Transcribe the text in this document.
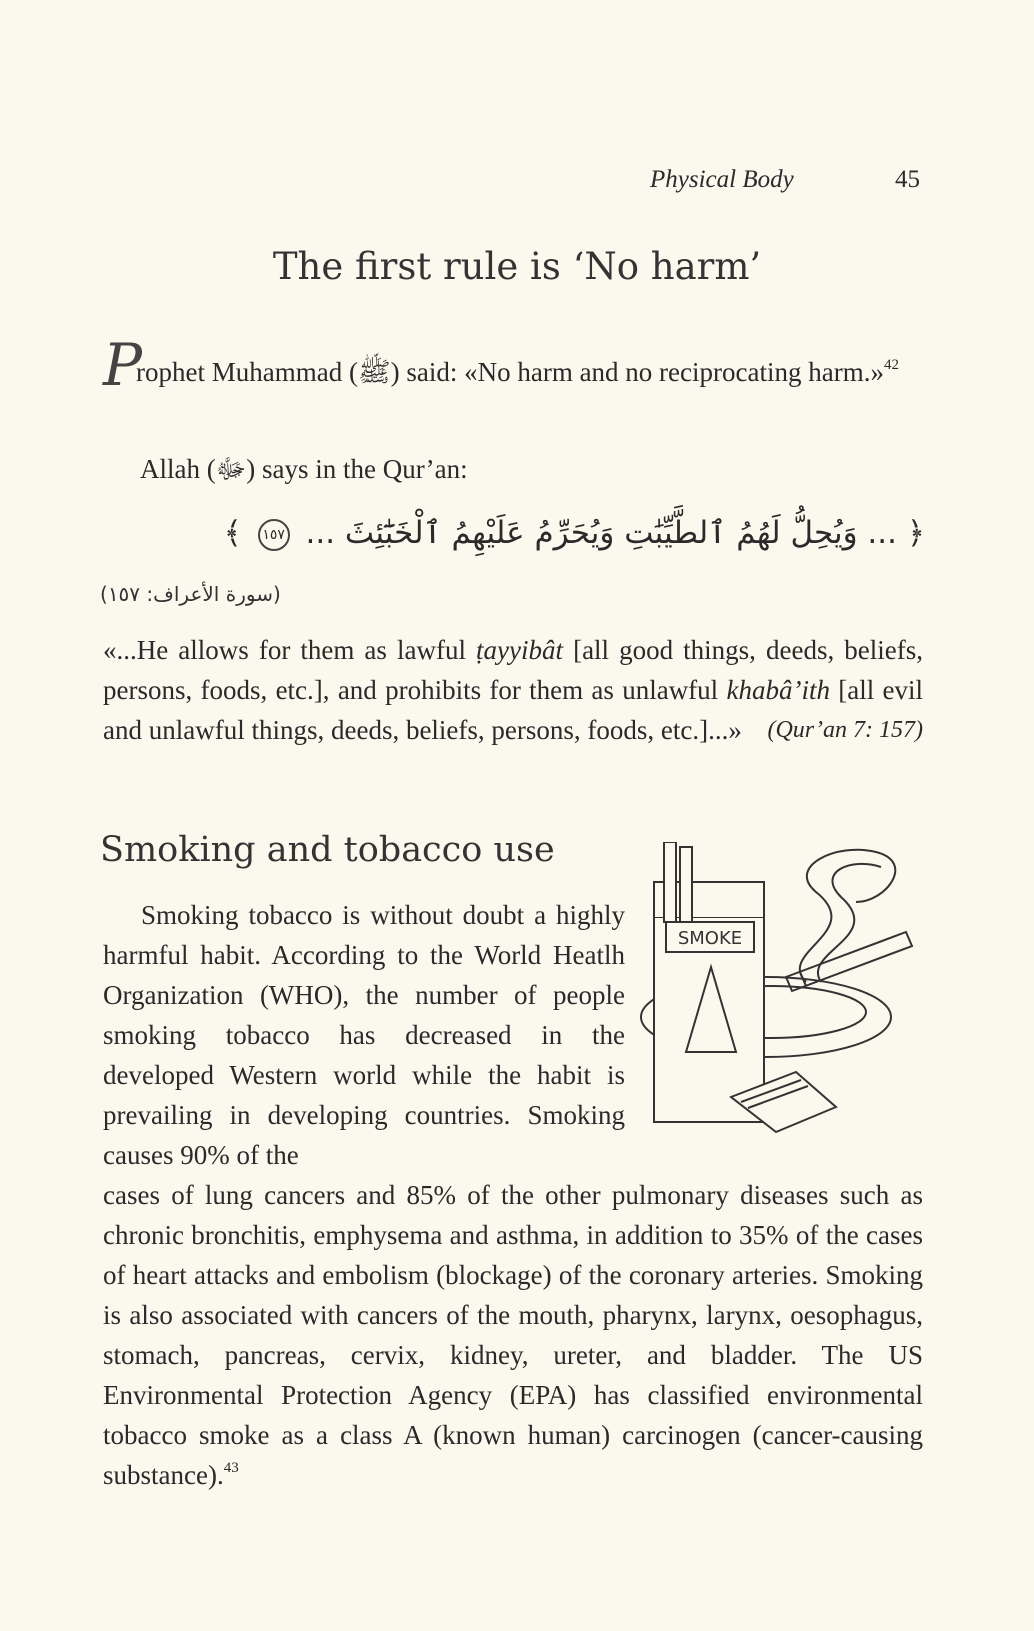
Physical Body	45
The first rule is ‘No harm’

Prophet Muhammad (ﷺ) said: «No harm and no reciprocating harm.»$^{42}$

Allah (ﷻ) says in the Qur’an:
﴿ ... وَيُحِلُّ لَهُمُ ٱلطَّيِّبَٰتِ وَيُحَرِّمُ عَلَيْهِمُ ٱلْخَبَٰٓئِثَ ... ١٥٧ ﴾
(سورة الأعراف: ١٥٧)

«...He allows for them as lawful ṭayyibât [all good things, deeds, beliefs, persons, foods, etc.], and prohibits for them as unlawful khabâ’ith [all evil and unlawful things, deeds, beliefs, persons, foods, etc.]...» (Qur’an 7: 157)

Smoking and tobacco use

Smoking tobacco is without doubt a highly harmful habit. According to the World Heatlh Organization (WHO), the number of people smoking tobacco has decreased in the developed Western world while the habit is prevailing in developing countries. Smoking causes 90% of the

SMOKE

cases of lung cancers and 85% of the other pulmonary diseases such as chronic bronchitis, emphysema and asthma, in addition to 35% of the cases of heart attacks and embolism (blockage) of the coronary arteries. Smoking is also associated with cancers of the mouth, pharynx, larynx, oesophagus, stomach, pancreas, cervix, kidney, ureter, and bladder. The US Environmental Protection Agency (EPA) has classified environmental tobacco smoke as a class A (known human) carcinogen (cancer-causing substance).$^{43}$
